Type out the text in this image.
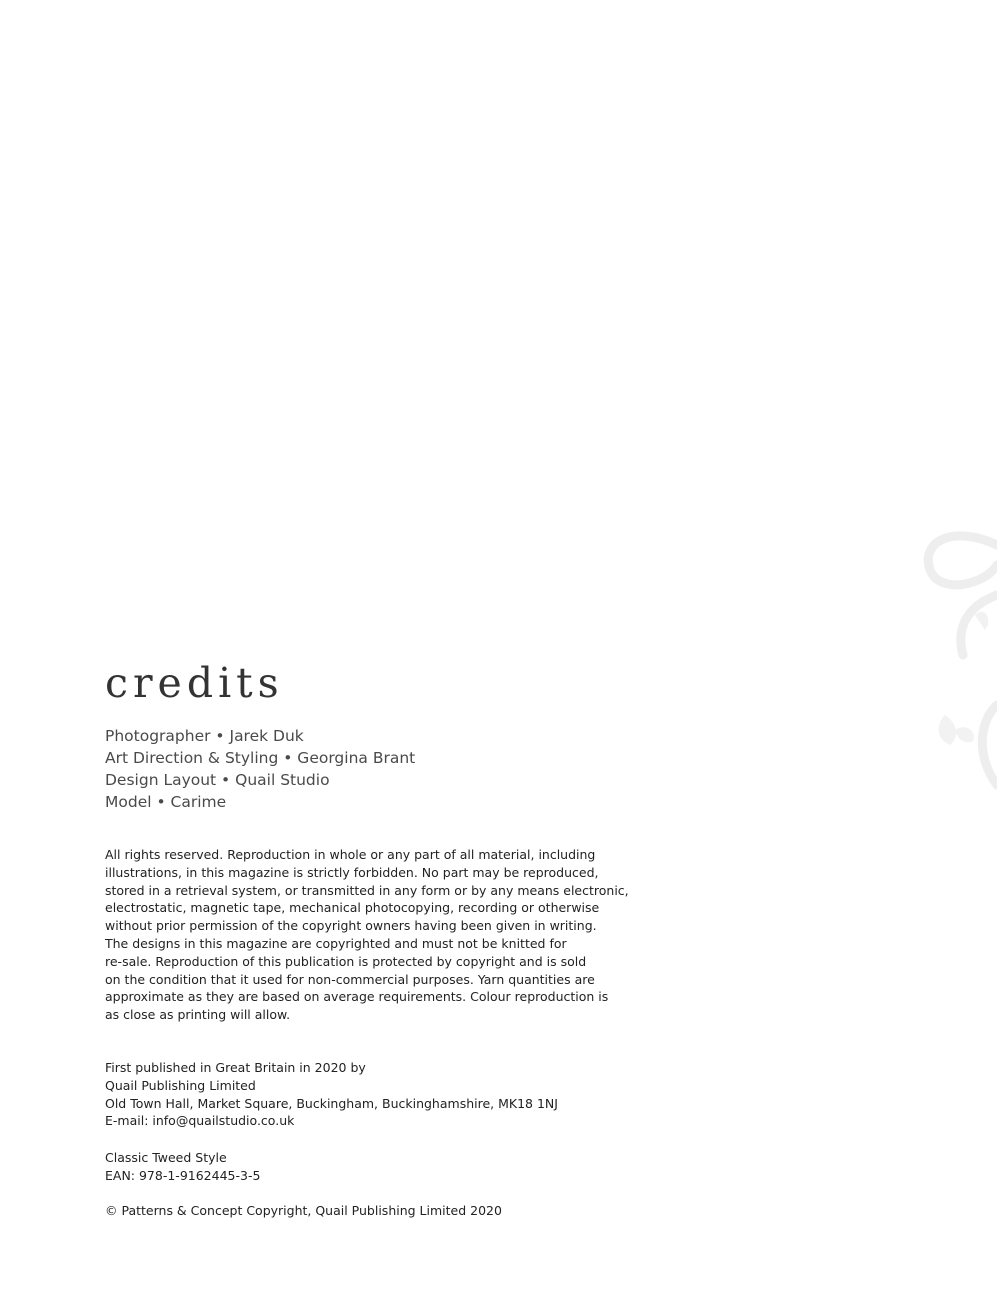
credits
Photographer • Jarek Duk
Art Direction & Styling • Georgina Brant
Design Layout • Quail Studio
Model • Carime

All rights reserved. Reproduction in whole or any part of all material, including
illustrations, in this magazine is strictly forbidden. No part may be reproduced,
stored in a retrieval system, or transmitted in any form or by any means electronic,
electrostatic, magnetic tape, mechanical photocopying, recording or otherwise
without prior permission of the copyright owners having been given in writing.
The designs in this magazine are copyrighted and must not be knitted for
re-sale. Reproduction of this publication is protected by copyright and is sold
on the condition that it used for non-commercial purposes. Yarn quantities are
approximate as they are based on average requirements. Colour reproduction is
as close as printing will allow.

First published in Great Britain in 2020 by
Quail Publishing Limited
Old Town Hall, Market Square, Buckingham, Buckinghamshire, MK18 1NJ
E-mail: info@quailstudio.co.uk
Classic Tweed Style
EAN: 978-1-9162445-3-5

© Patterns & Concept Copyright, Quail Publishing Limited 2020
